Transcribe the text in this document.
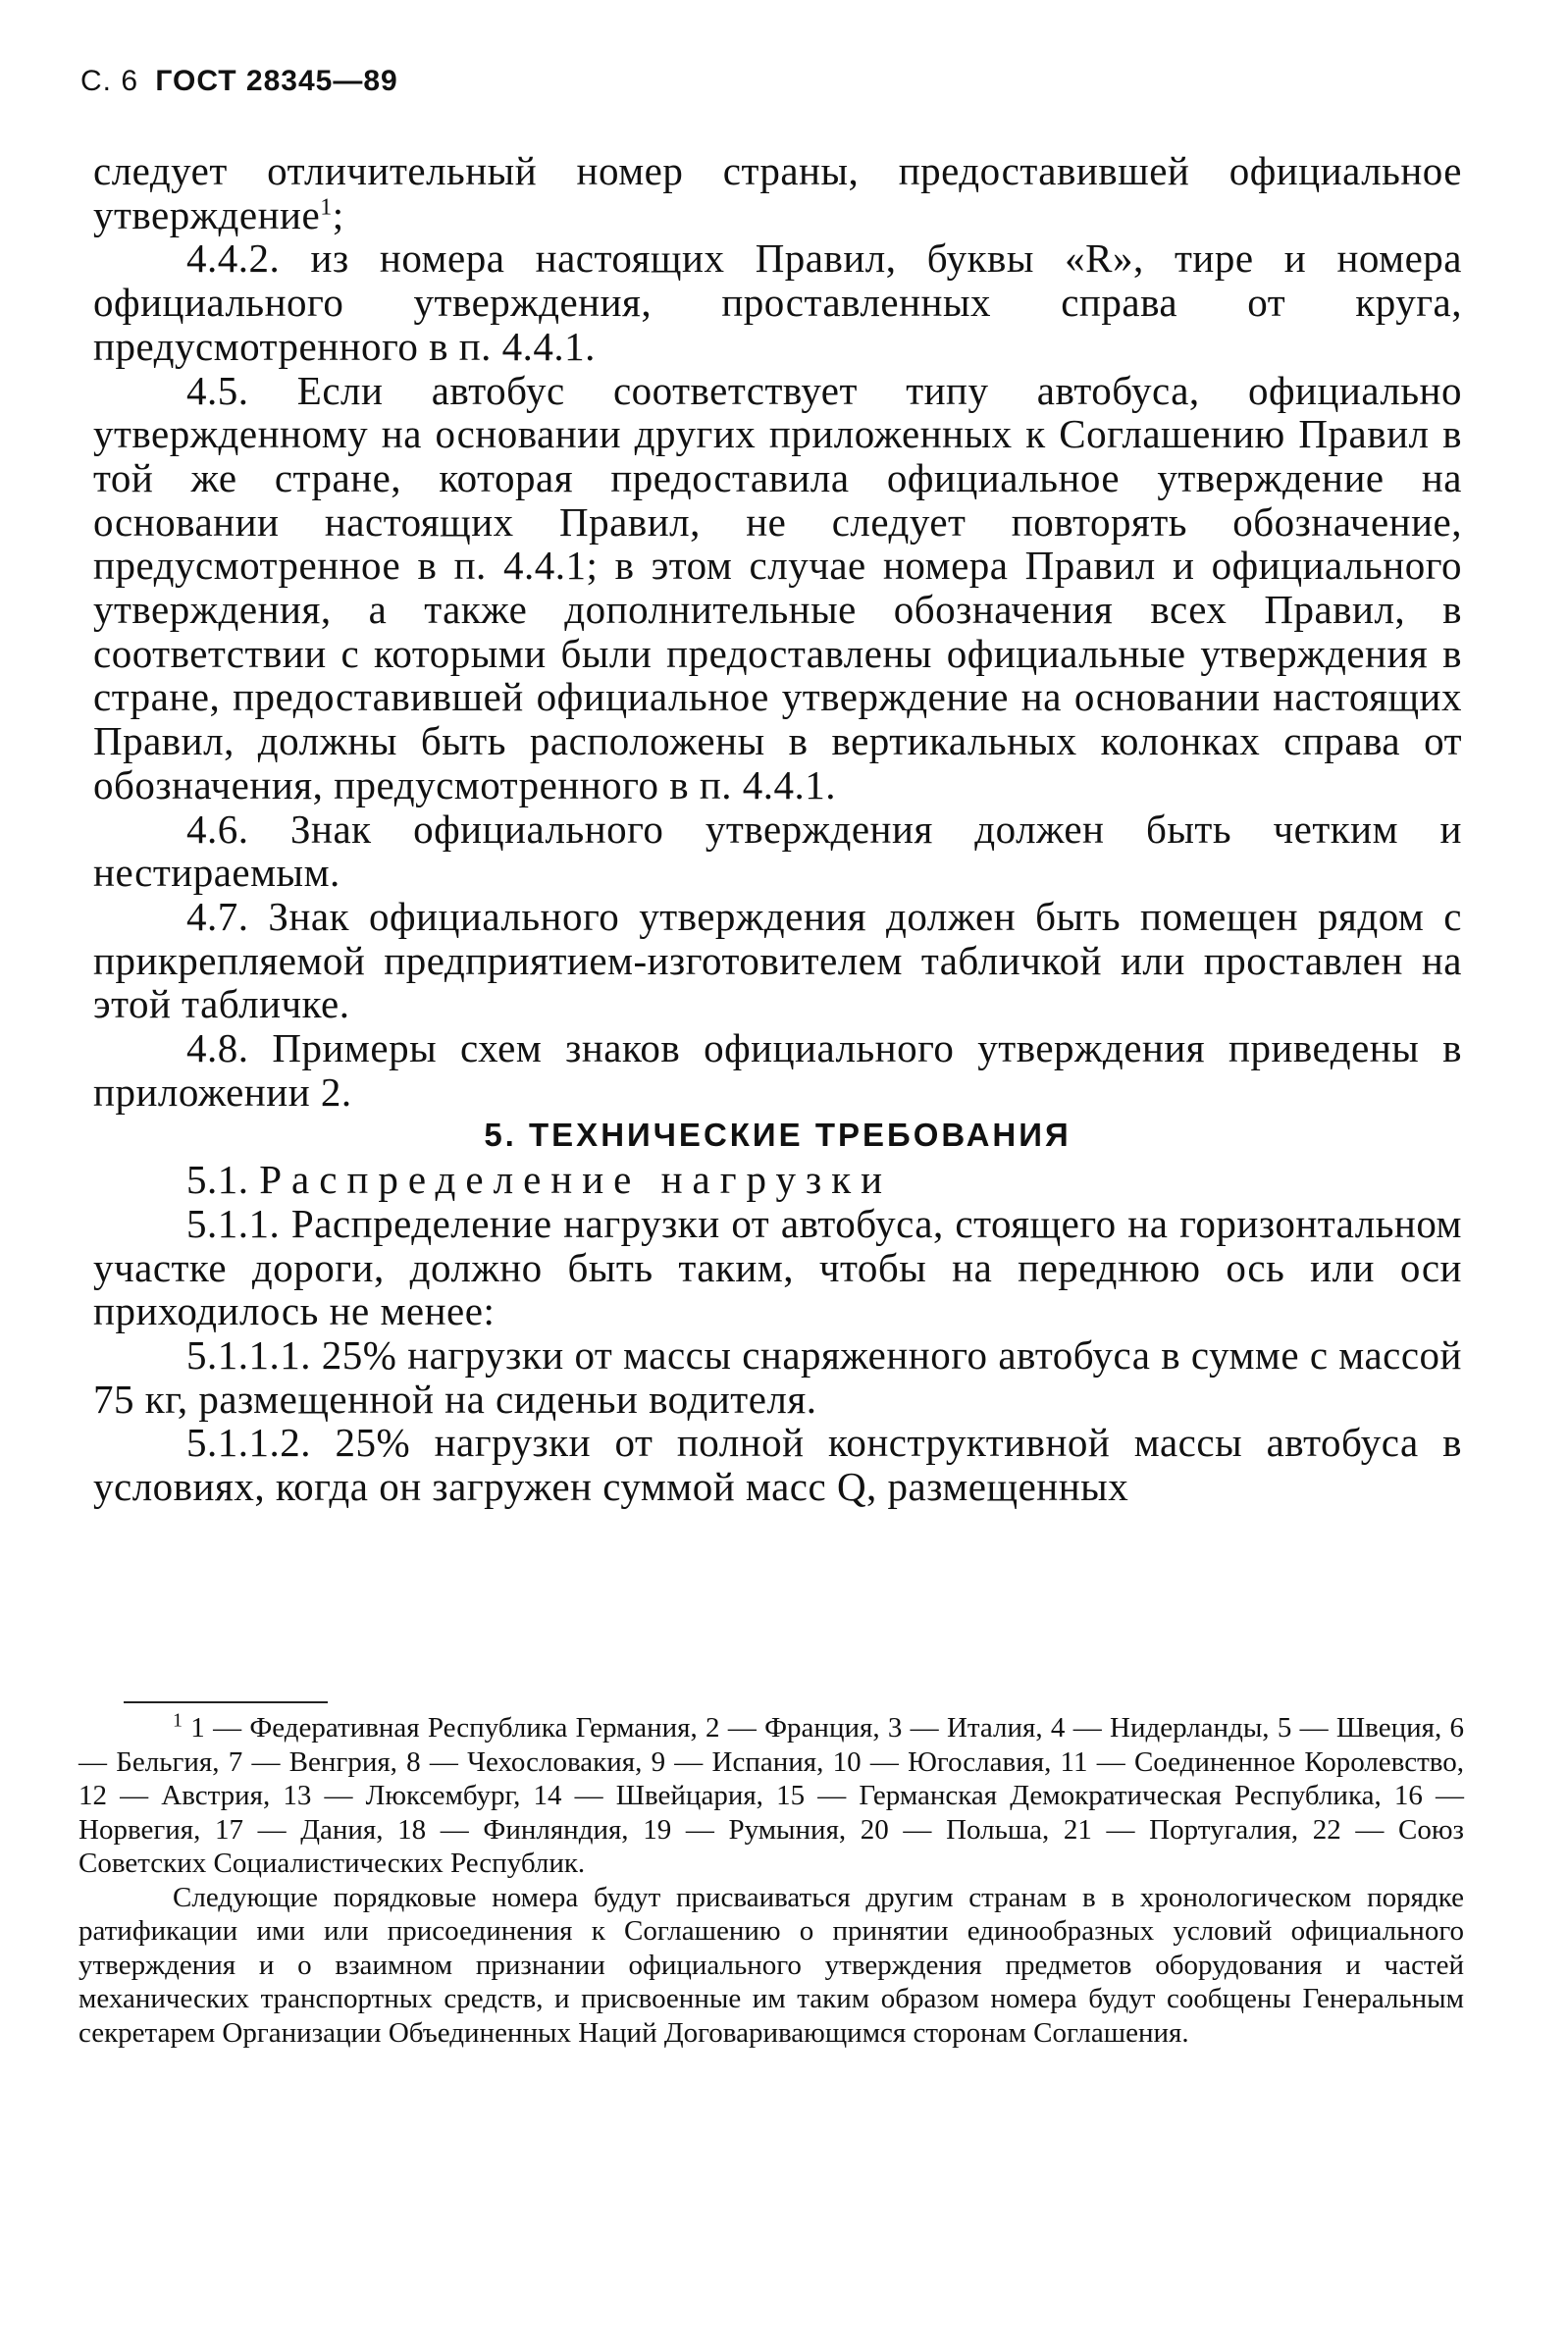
С. 6 ГОСТ 28345—89

следует отличительный номер страны, предоставившей официальное утверждение$^1$;

4.4.2. из номера настоящих Правил, буквы «R», тире и номера официального утверждения, проставленных справа от круга, предусмотренного в п. 4.4.1.

4.5. Если автобус соответствует типу автобуса, официально утвержденному на основании других приложенных к Соглашению Правил в той же стране, которая предоставила официальное утверждение на основании настоящих Правил, не следует повторять обозначение, предусмотренное в п. 4.4.1; в этом случае номера Правил и официального утверждения, а также дополнительные обозначения всех Правил, в соответствии с которыми были предоставлены официальные утверждения в стране, предоставившей официальное утверждение на основании настоящих Правил, должны быть расположены в вертикальных колонках справа от обозначения, предусмотренного в п. 4.4.1.

4.6. Знак официального утверждения должен быть четким и нестираемым.

4.7. Знак официального утверждения должен быть помещен рядом с прикрепляемой предприятием-изготовителем табличкой или проставлен на этой табличке.

4.8. Примеры схем знаков официального утверждения приведены в приложении 2.

5. ТЕХНИЧЕСКИЕ ТРЕБОВАНИЯ

5.1. Распределение нагрузки

5.1.1. Распределение нагрузки от автобуса, стоящего на горизонтальном участке дороги, должно быть таким, чтобы на переднюю ось или оси приходилось не менее:

5.1.1.1. 25% нагрузки от массы снаряженного автобуса в сумме с массой 75 кг, размещенной на сиденьи водителя.

5.1.1.2. 25% нагрузки от полной конструктивной массы автобуса в условиях, когда он загружен суммой масс Q, размещенных

$^1$ 1 — Федеративная Республика Германия, 2 — Франция, 3 — Италия, 4 — Нидерланды, 5 — Швеция, 6 — Бельгия, 7 — Венгрия, 8 — Чехословакия, 9 — Испания, 10 — Югославия, 11 — Соединенное Королевство, 12 — Австрия, 13 — Люксембург, 14 — Швейцария, 15 — Германская Демократическая Республика, 16 — Норвегия, 17 — Дания, 18 — Финляндия, 19 — Румыния, 20 — Польша, 21 — Португалия, 22 — Союз Советских Социалистических Республик.

Следующие порядковые номера будут присваиваться другим странам в в хронологическом порядке ратификации ими или присоединения к Соглашению о принятии единообразных условий официального утверждения и о взаимном признании официального утверждения предметов оборудования и частей механических транспортных средств, и присвоенные им таким образом номера будут сообщены Генеральным секретарем Организации Объединенных Наций Договаривающимся сторонам Соглашения.
